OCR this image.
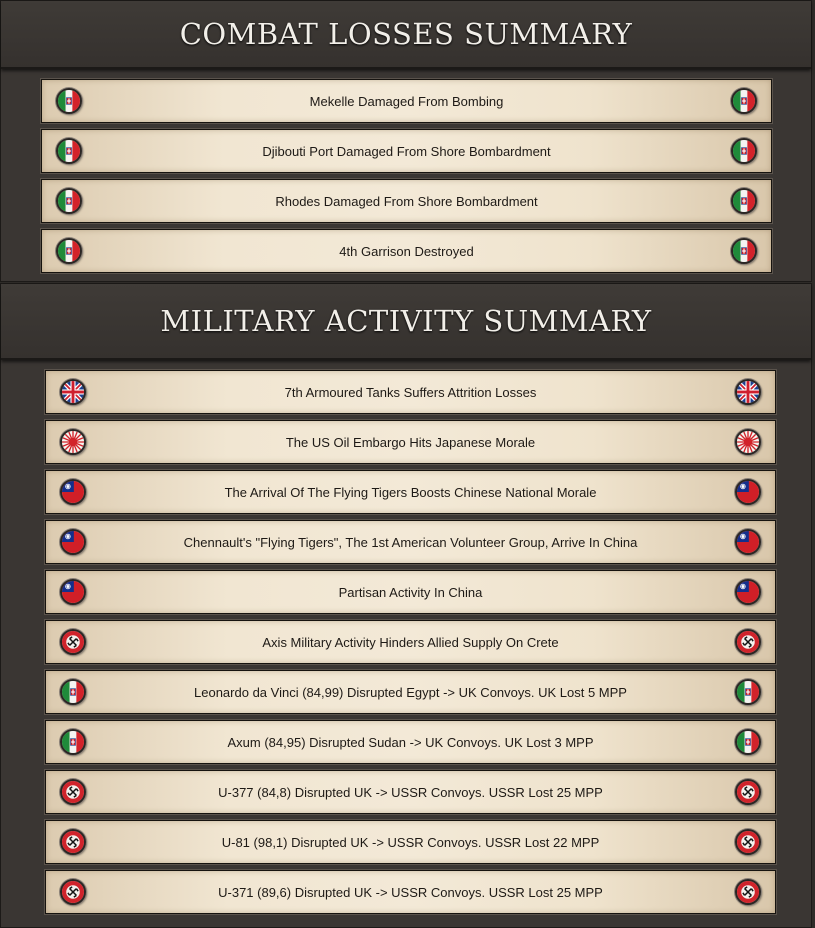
COMBAT LOSSES SUMMARY
Mekelle Damaged From Bombing
Djibouti Port Damaged From Shore Bombardment
Rhodes Damaged From Shore Bombardment
4th Garrison Destroyed
MILITARY ACTIVITY SUMMARY
7th Armoured Tanks Suffers Attrition Losses
The US Oil Embargo Hits Japanese Morale
The Arrival Of The Flying Tigers Boosts Chinese National Morale
Chennault's "Flying Tigers", The 1st American Volunteer Group, Arrive In China
Partisan Activity In China
Axis Military Activity Hinders Allied Supply On Crete
Leonardo da Vinci (84,99) Disrupted Egypt -> UK Convoys. UK Lost 5 MPP
Axum (84,95) Disrupted Sudan -> UK Convoys. UK Lost 3 MPP
U-377 (84,8) Disrupted UK -> USSR Convoys. USSR Lost 25 MPP
U-81 (98,1) Disrupted UK -> USSR Convoys. USSR Lost 22 MPP
U-371 (89,6) Disrupted UK -> USSR Convoys. USSR Lost 25 MPP
